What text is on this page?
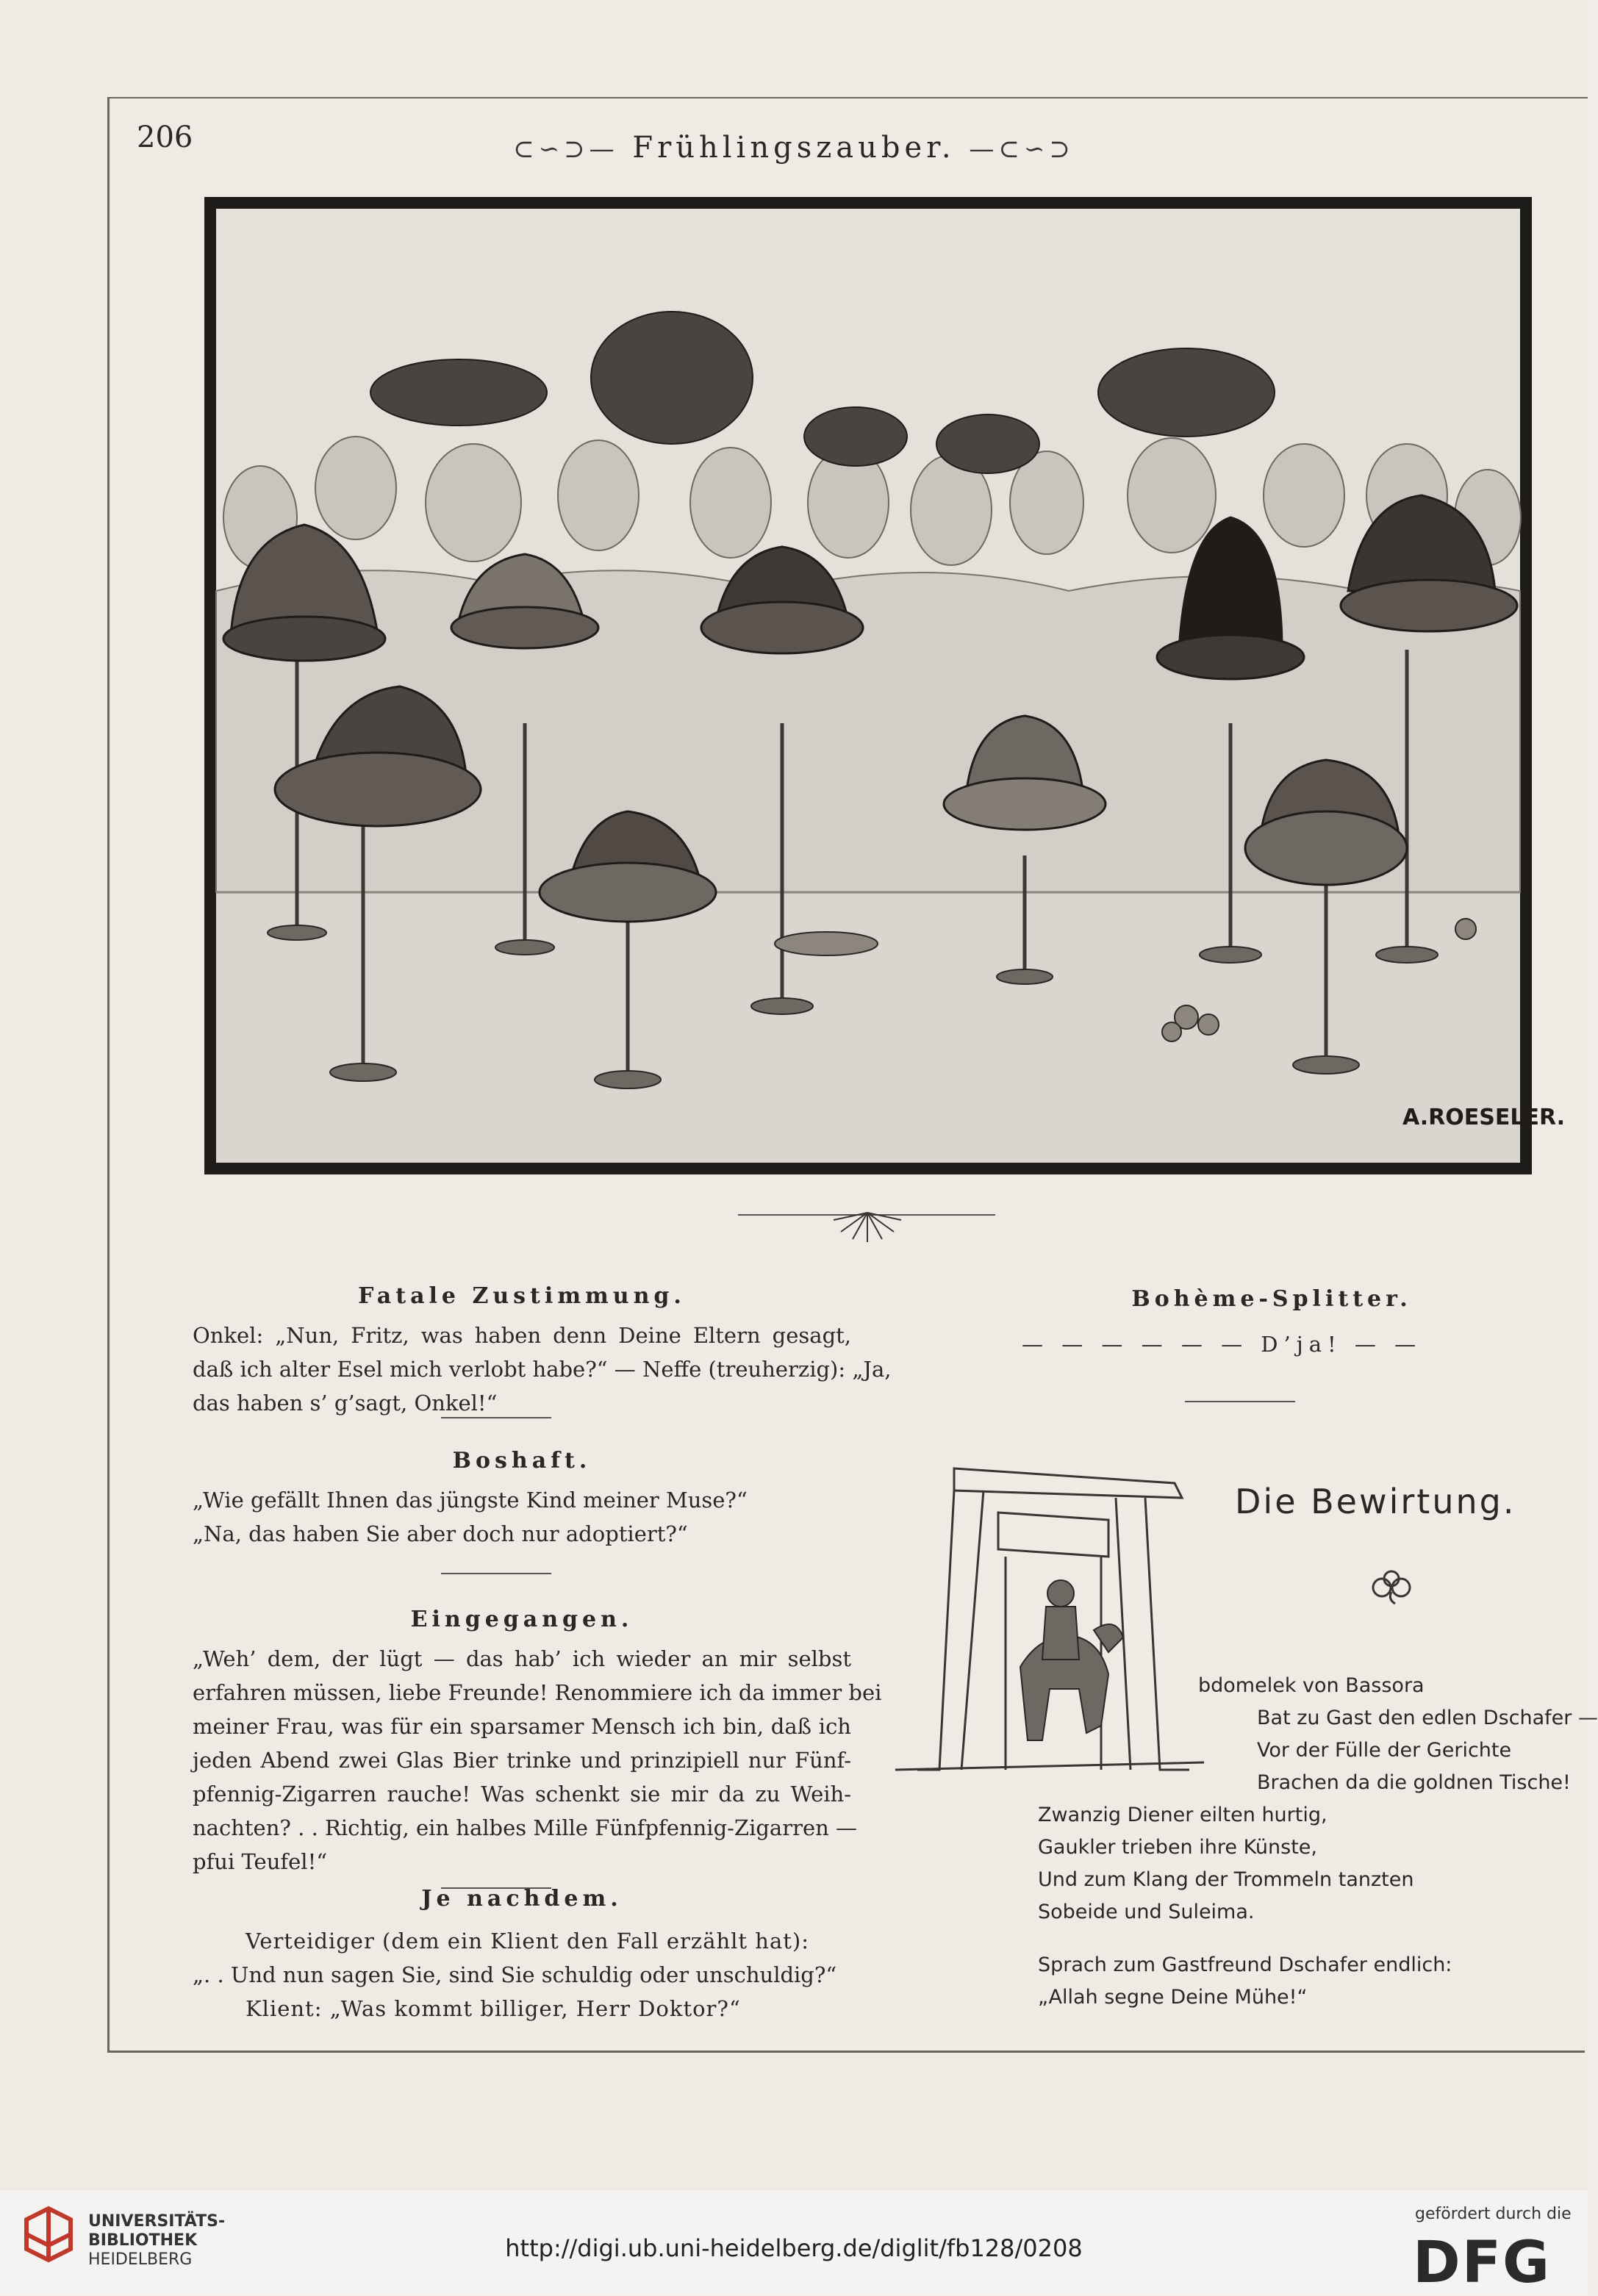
206	⊂∽⊃— Frühlingszauber. —⊂∽⊃
A.ROESELER.
Fatale Zustimmung.
Onkel: „Nun, Fritz, was haben denn Deine Eltern gesagt,
daß ich alter Esel mich verlobt habe?“ — Neffe (treuherzig): „Ja,
das haben s’ g’sagt, Onkel!“
Boshaft.
„Wie gefällt Ihnen das jüngste Kind meiner Muse?“
„Na, das haben Sie aber doch nur adoptiert?“
Eingegangen.
„Weh’ dem, der lügt — das hab’ ich wieder an mir selbst
erfahren müssen, liebe Freunde! Renommiere ich da immer bei
meiner Frau, was für ein sparsamer Mensch ich bin, daß ich
jeden Abend zwei Glas Bier trinke und prinzipiell nur Fünf-
pfennig-Zigarren rauche! Was schenkt sie mir da zu Weih-
nachten? . . Richtig, ein halbes Mille Fünfpfennig-Zigarren —
pfui Teufel!“
Je nachdem.
Verteidiger (dem ein Klient den Fall erzählt hat):
„. . Und nun sagen Sie, sind Sie schuldig oder unschuldig?“
Klient: „Was kommt billiger, Herr Doktor?“
Bohème-Splitter.
— — — — — — D’ja! — —
Die Bewirtung.
bdomelek von Bassora
Bat zu Gast den edlen Dschafer —
Vor der Fülle der Gerichte
Brachen da die goldnen Tische!
Zwanzig Diener eilten hurtig,
Gaukler trieben ihre Künste,
Und zum Klang der Trommeln tanzten
Sobeide und Suleima.
Sprach zum Gastfreund Dschafer endlich:
„Allah segne Deine Mühe!“
UNIVERSITÄTS-
BIBLIOTHEK
HEIDELBERG	http://digi.ub.uni-heidelberg.de/diglit/fb128/0208
gefördert durch die
DFG
